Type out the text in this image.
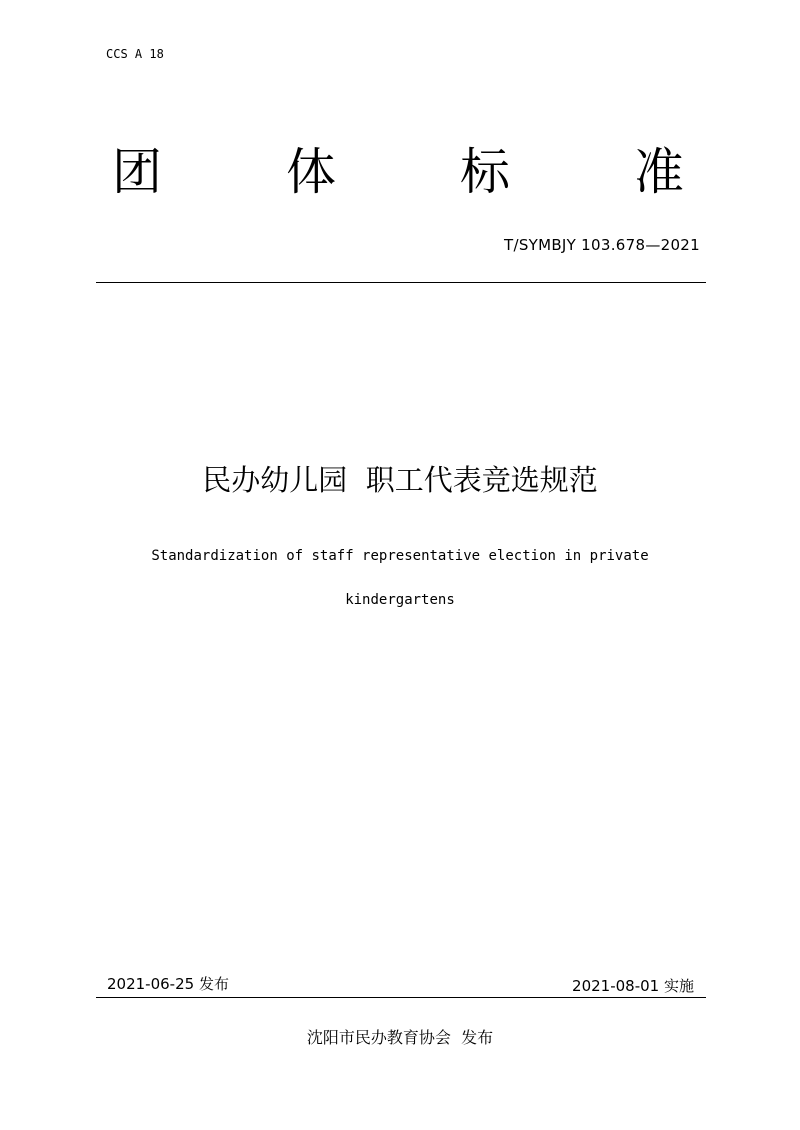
CCS A 18
团 体 标 准
T/SYMBJY 103.678—2021
民办幼儿园  职工代表竞选规范
Standardization of staff representative election in private
kindergartens
2021-06-25 发布	2021-08-01 实施
沈阳市民办教育协会  发布
